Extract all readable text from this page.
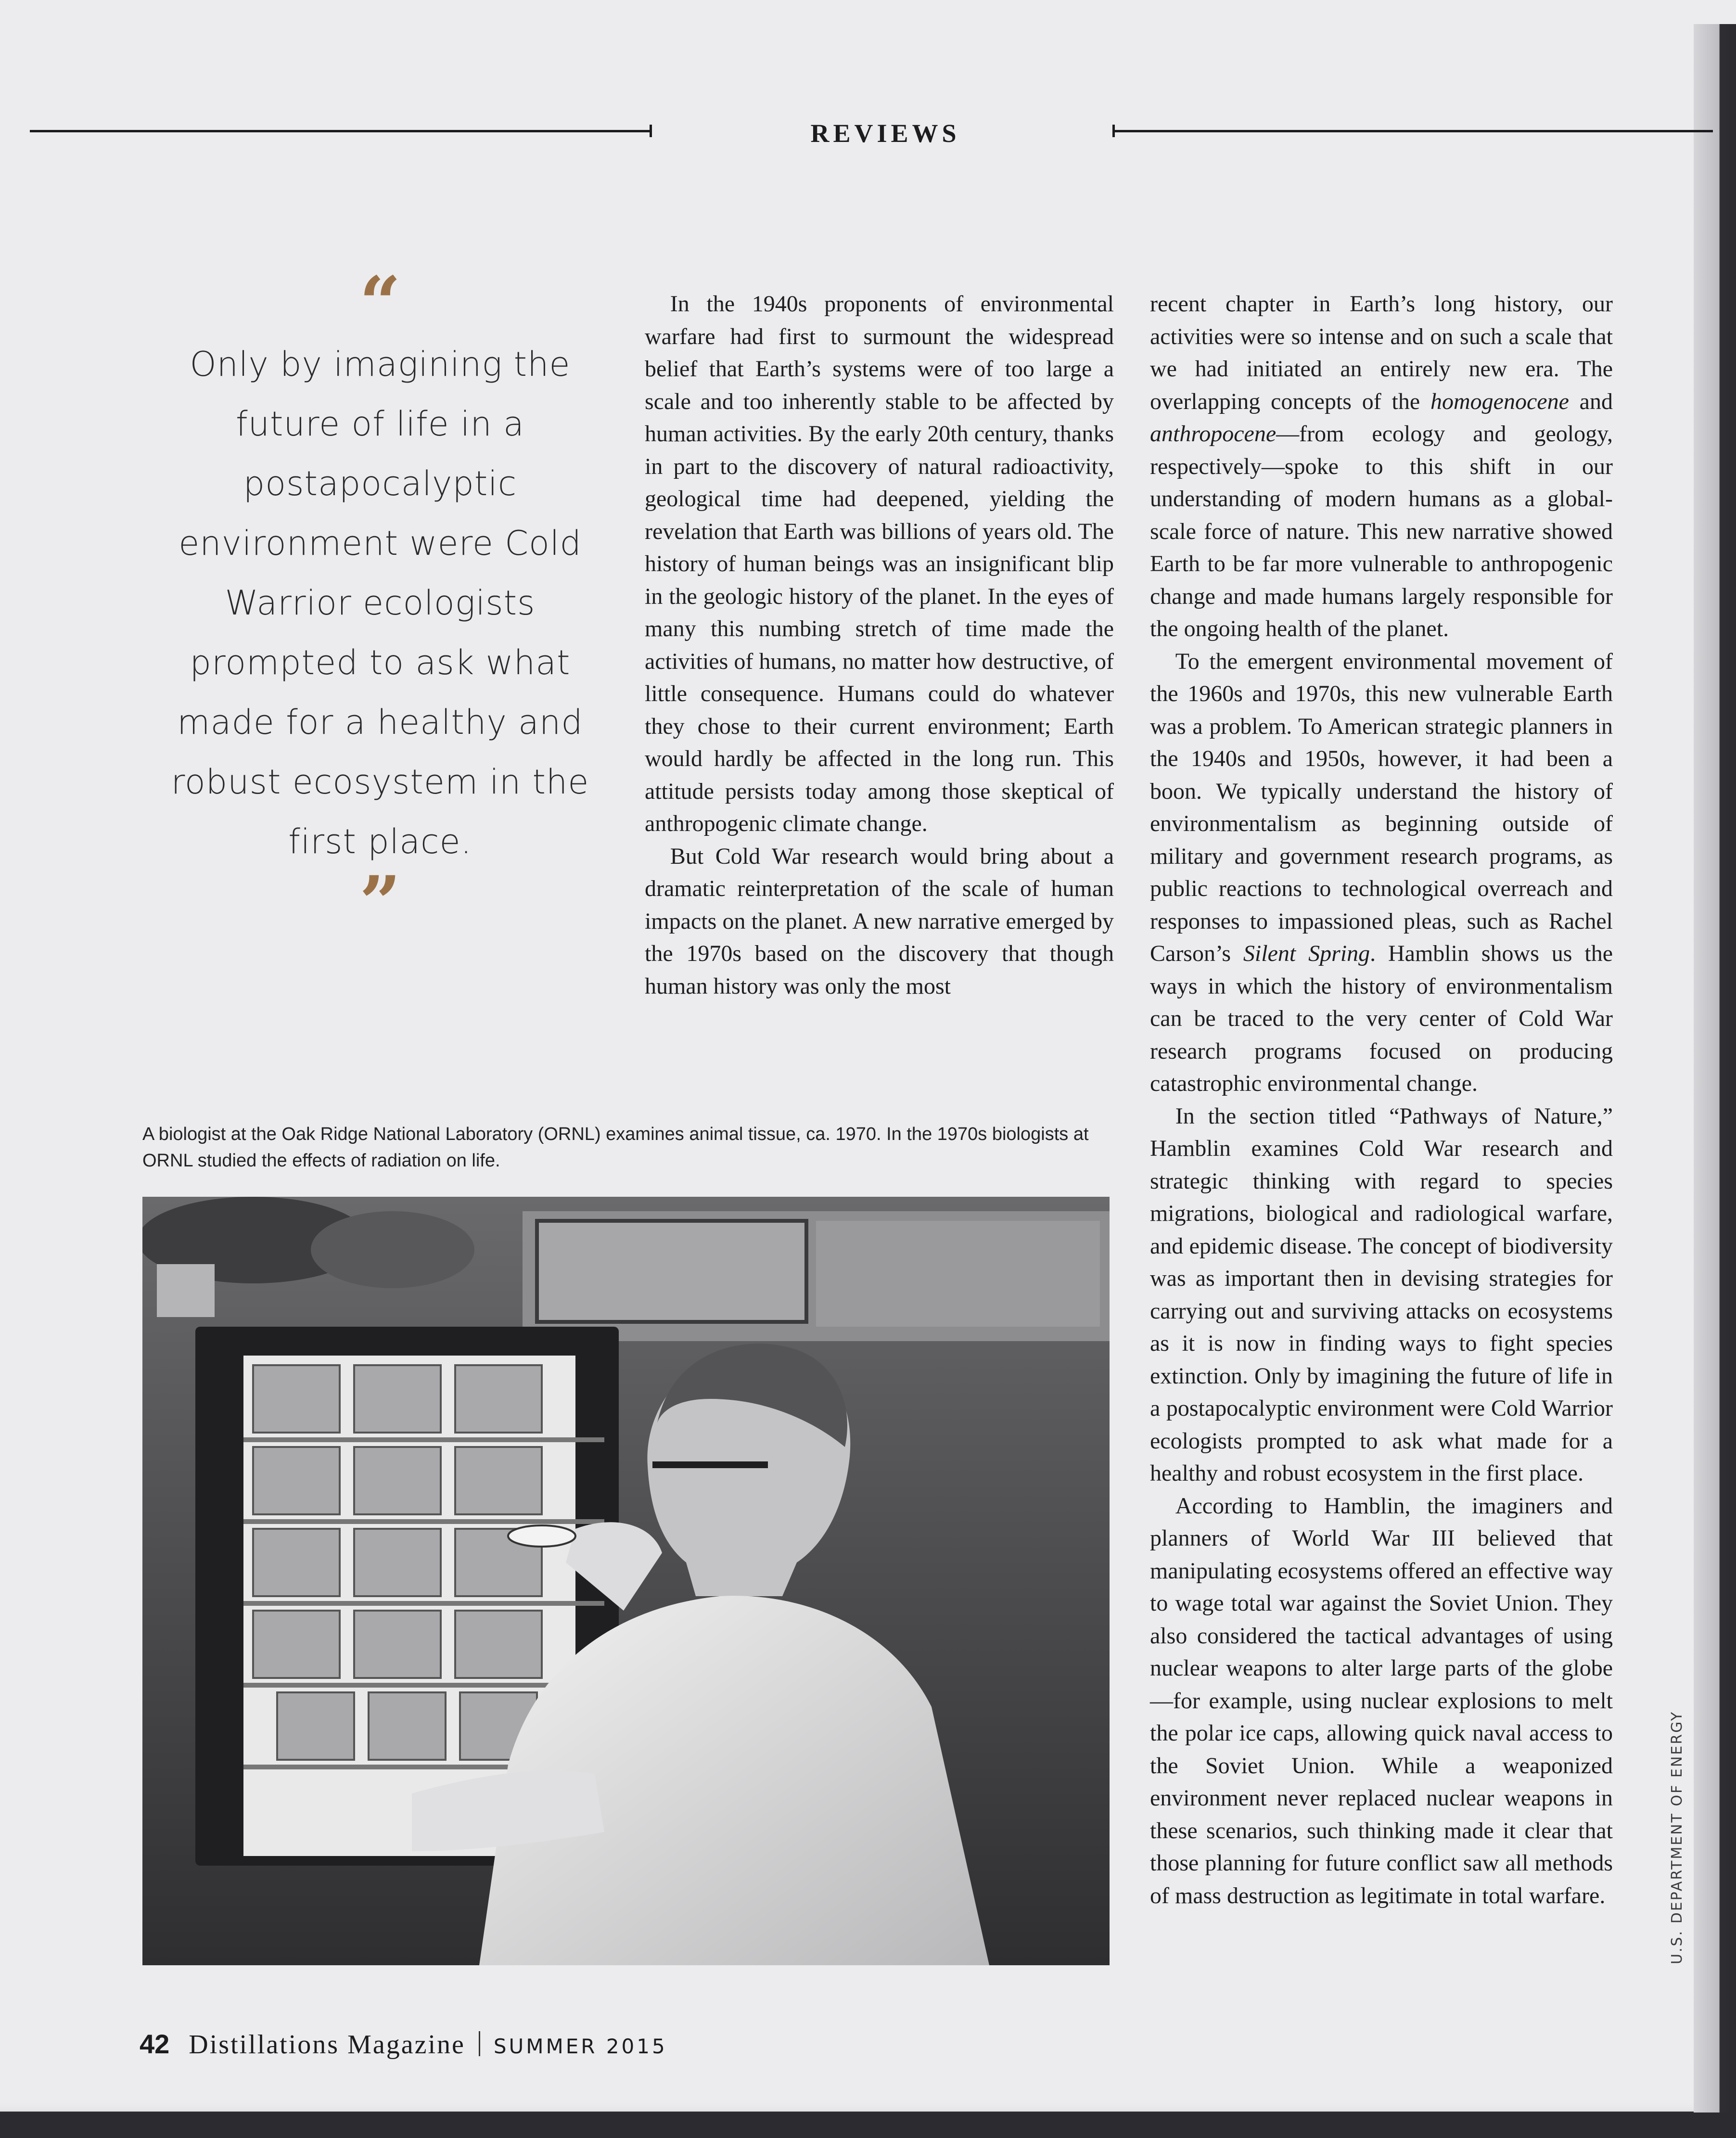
REVIEWS
“
Only by imagining the future of life in a postapocalyptic environment were Cold Warrior ecologists prompted to ask what made for a healthy and robust ecosystem in the first place.
”

In the 1940s proponents of environmental warfare had first to surmount the widespread belief that Earth’s systems were of too large a scale and too inherently stable to be affected by human activities. By the early 20th century, thanks in part to the discovery of natural radioactivity, geological time had deepened, yielding the revelation that Earth was billions of years old. The history of human beings was an insignificant blip in the geologic history of the planet. In the eyes of many this numbing stretch of time made the activities of humans, no matter how destructive, of little consequence. Humans could do whatever they chose to their current environment; Earth would hardly be affected in the long run. This attitude persists today among those skeptical of anthropogenic climate change.

But Cold War research would bring about a dramatic reinterpretation of the scale of human impacts on the planet. A new narrative emerged by the 1970s based on the discovery that though human history was only the most

recent chapter in Earth’s long history, our activities were so intense and on such a scale that we had initiated an entirely new era. The overlapping concepts of the homogenocene and anthropocene—from ecology and geology, respectively—spoke to this shift in our understanding of modern humans as a global-scale force of nature. This new narrative showed Earth to be far more vulnerable to anthropogenic change and made humans largely responsible for the ongoing health of the planet.

To the emergent environmental movement of the 1960s and 1970s, this new vulnerable Earth was a problem. To American strategic planners in the 1940s and 1950s, however, it had been a boon. We typically understand the history of environmentalism as beginning outside of military and government research programs, as public reactions to technological overreach and responses to impassioned pleas, such as Rachel Carson’s Silent Spring. Hamblin shows us the ways in which the history of environmentalism can be traced to the very center of Cold War research programs focused on producing catastrophic environmental change.

In the section titled “Pathways of Nature,” Hamblin examines Cold War research and strategic thinking with regard to species migrations, biological and radiological warfare, and epidemic disease. The concept of biodiversity was as important then in devising strategies for carrying out and surviving attacks on ecosystems as it is now in finding ways to fight species extinction. Only by imagining the future of life in a postapocalyptic environment were Cold Warrior ecologists prompted to ask what made for a healthy and robust ecosystem in the first place.

According to Hamblin, the imaginers and planners of World War III believed that manipulating ecosystems offered an effective way to wage total war against the Soviet Union. They also considered the tactical advantages of using nuclear weapons to alter large parts of the globe—for example, using nuclear explosions to melt the polar ice caps, allowing quick naval access to the Soviet Union. While a weaponized environment never replaced nuclear weapons in these scenarios, such thinking made it clear that those planning for future conflict saw all methods of mass destruction as legitimate in total warfare.

A biologist at the Oak Ridge National Laboratory (ORNL) examines animal tissue, ca. 1970. In the 1970s biologists at ORNL studied the effects of radiation on life.
U.S. DEPARTMENT OF ENERGY
42 Distillations Magazine SUMMER 2015
